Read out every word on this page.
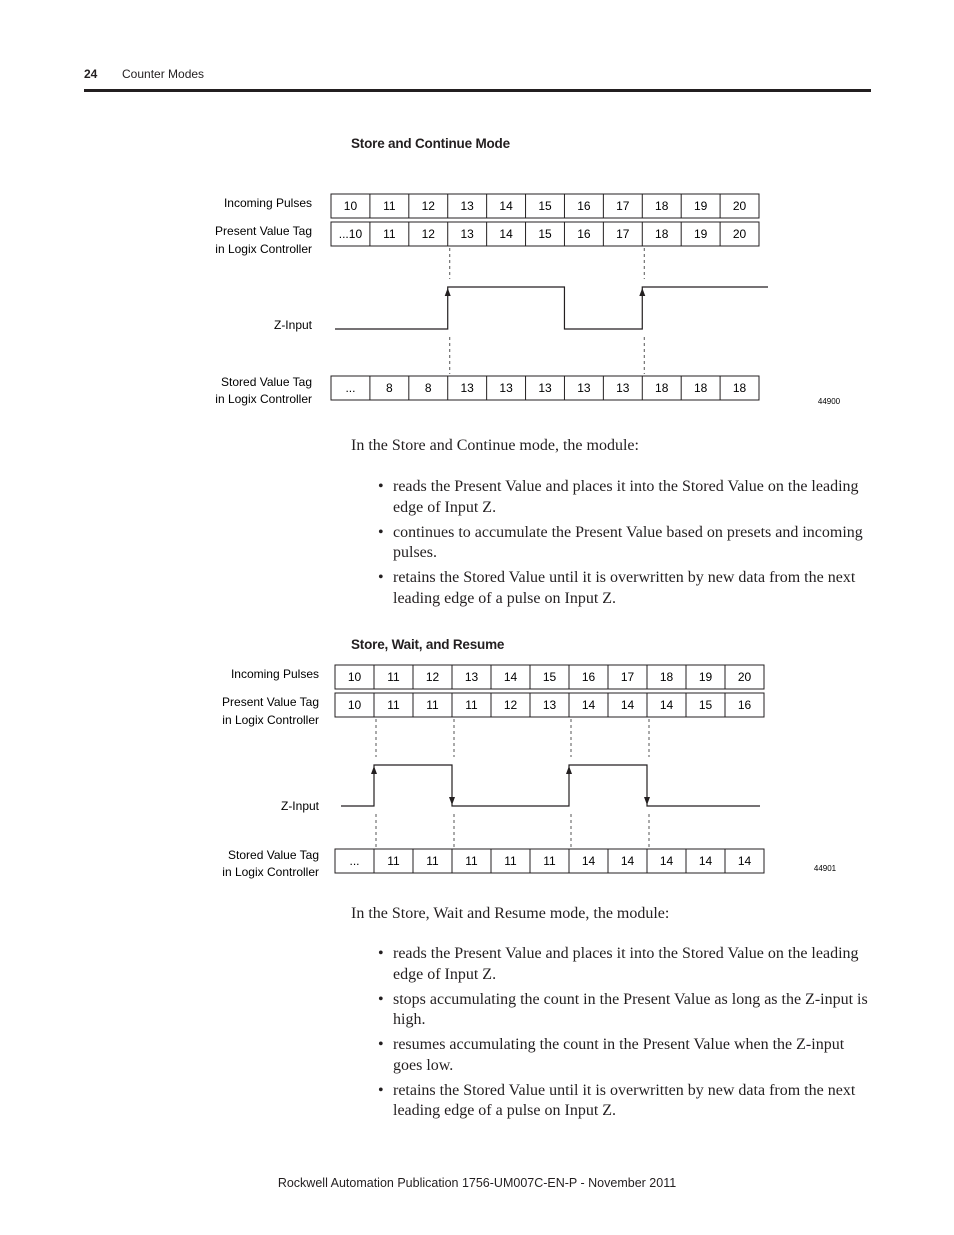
24 Counter Modes
Store and Continue Mode
Incoming Pulses
Present Value Tag
in Logix Controller
Z-Input
Stored Value Tag
in Logix Controller
10 11 12 13 14 15 16 17 18 19 20
...10 11 12 13 14 15 16 17 18 19 20
...	8	8 13 13 13 13 13 18 18 18
44900
In the Store and Continue mode, the module:
• reads the Present Value and places it into the Stored Value on the leading edge of Input Z.
• continues to accumulate the Present Value based on presets and incoming pulses.
• retains the Stored Value until it is overwritten by new data from the next leading edge of a pulse on Input Z.
Store, Wait, and Resume
Incoming Pulses
Present Value Tag
in Logix Controller
Z-Input
Stored Value Tag
in Logix Controller
10 11 12 13 14 15 16 17 18 19 20
10 11 11 11 12 13 14 14 14 15 16
... 11 11 11 11 11 14 14 14 14 14
44901
In the Store, Wait and Resume mode, the module:
• reads the Present Value and places it into the Stored Value on the leading edge of Input Z.
• stops accumulating the count in the Present Value as long as the Z-input is high.
• resumes accumulating the count in the Present Value when the Z-input goes low.
• retains the Stored Value until it is overwritten by new data from the next leading edge of a pulse on Input Z.
Rockwell Automation Publication 1756-UM007C-EN-P - November 2011
